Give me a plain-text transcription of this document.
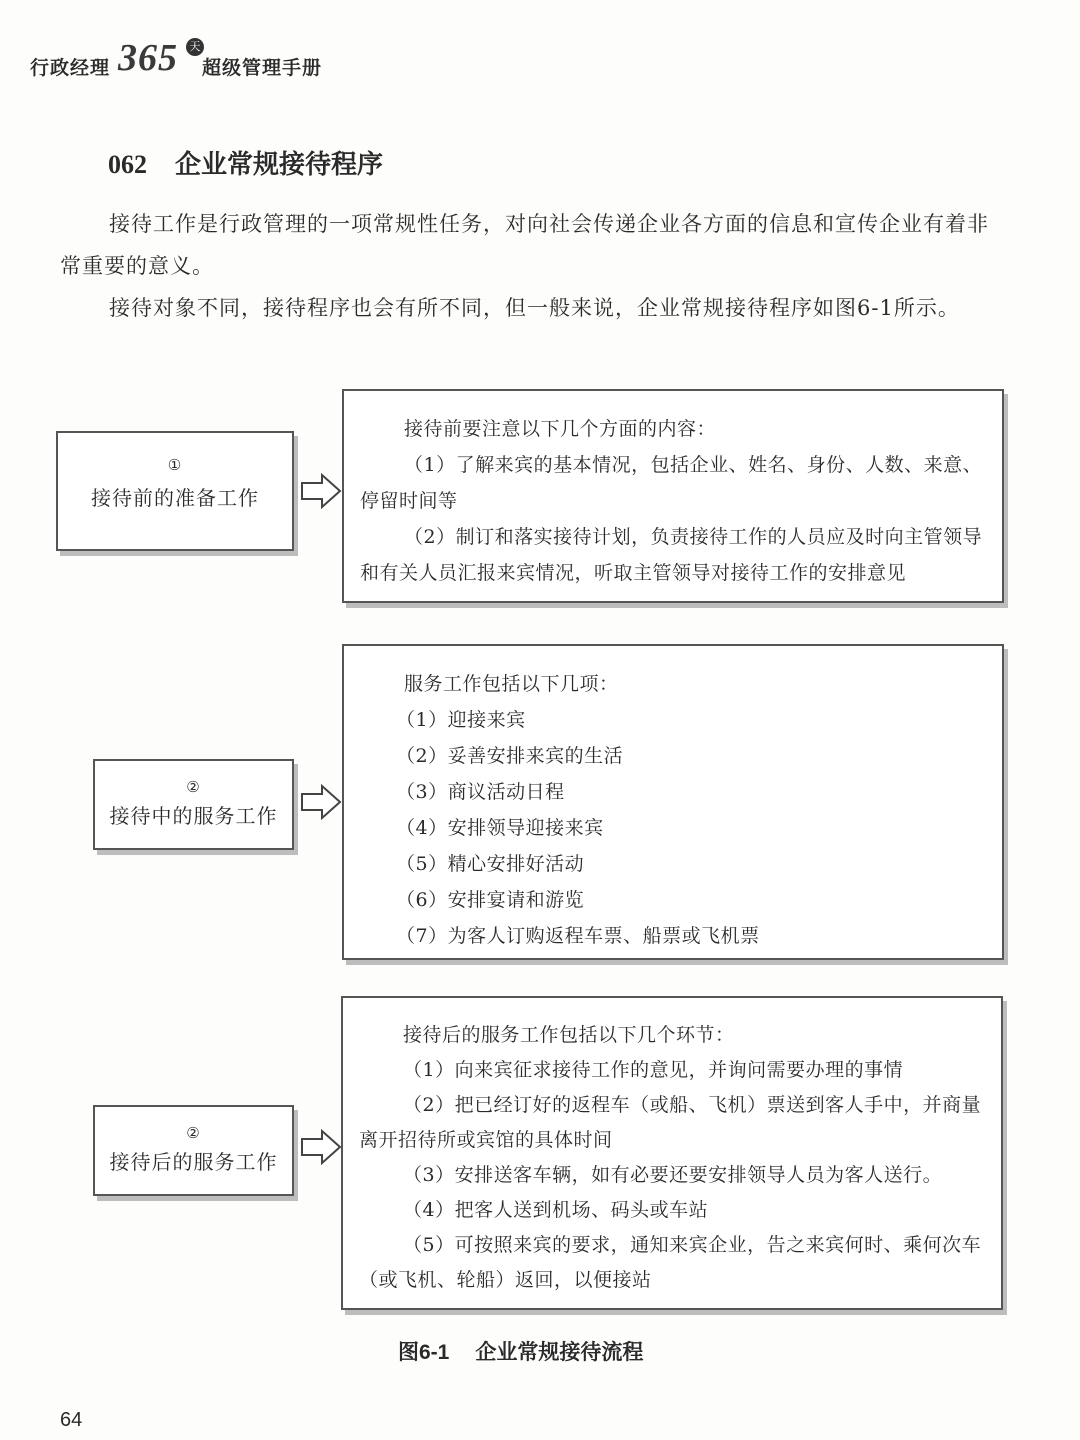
行政经理 365	天
超级管理手册
062 企业常规接待程序

接待工作是行政管理的一项常规性任务，对向社会传递企业各方面的信息和宣传企业有着非常重要的意义。

接待对象不同，接待程序也会有所不同，但一般来说，企业常规接待程序如图6-1所示。

①
接待前的准备工作

接待前要注意以下几个方面的内容：

（1）了解来宾的基本情况，包括企业、姓名、身份、人数、来意、停留时间等

（2）制订和落实接待计划，负责接待工作的人员应及时向主管领导和有关人员汇报来宾情况，听取主管领导对接待工作的安排意见

②
接待中的服务工作

服务工作包括以下几项：

（1）迎接来宾

（2）妥善安排来宾的生活

（3）商议活动日程

（4）安排领导迎接来宾

（5）精心安排好活动

（6）安排宴请和游览

（7）为客人订购返程车票、船票或飞机票

②
接待后的服务工作

接待后的服务工作包括以下几个环节：

（1）向来宾征求接待工作的意见，并询问需要办理的事情

（2）把已经订好的返程车（或船、飞机）票送到客人手中，并商量离开招待所或宾馆的具体时间

（3）安排送客车辆，如有必要还要安排领导人员为客人送行。

（4）把客人送到机场、码头或车站

（5）可按照来宾的要求，通知来宾企业，告之来宾何时、乘何次车（或飞机、轮船）返回，以便接站

图6-1 企业常规接待流程
64
